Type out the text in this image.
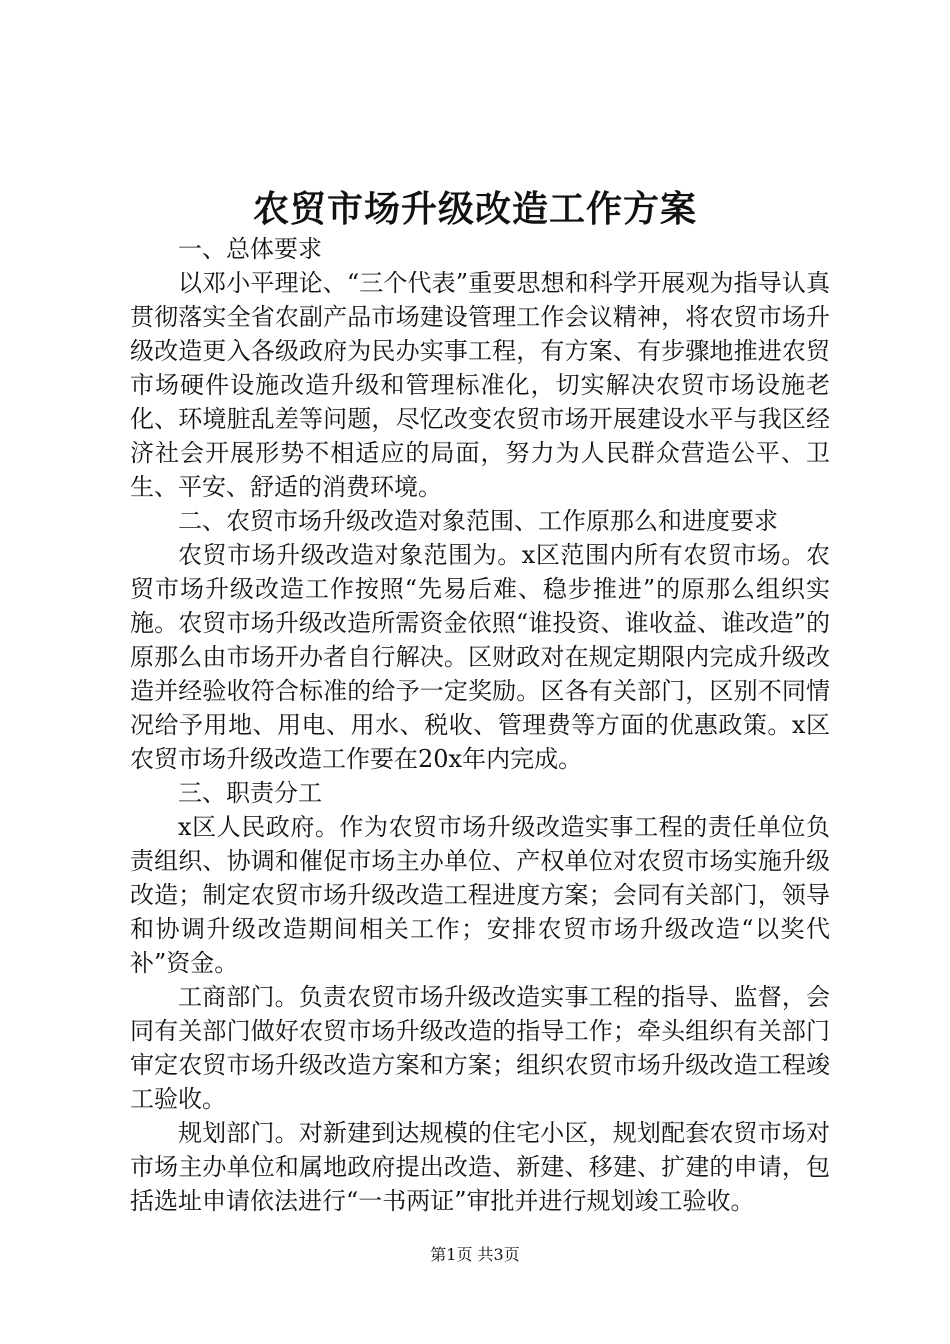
农贸市场升级改造工作方案

一、总体要求

以邓小平理论、“三个代表”重要思想和科学开展观为指导认真贯彻落实全省农副产品市场建设管理工作会议精神，将农贸市场升级改造更入各级政府为民办实事工程，有方案、有步骤地推进农贸市场硬件设施改造升级和管理标准化，切实解决农贸市场设施老化、环境脏乱差等问题，尽忆改变农贸市场开展建设水平与我区经济社会开展形势不相适应的局面，努力为人民群众营造公平、卫生、平安、舒适的消费环境。

二、农贸市场升级改造对象范围、工作原那么和进度要求

农贸市场升级改造对象范围为。x区范围内所有农贸市场。农贸市场升级改造工作按照“先易后难、稳步推进”的原那么组织实施。农贸市场升级改造所需资金依照“谁投资、谁收益、谁改造”的原那么由市场开办者自行解决。区财政对在规定期限内完成升级改造并经验收符合标准的给予一定奖励。区各有关部门，区别不同情况给予用地、用电、用水、税收、管理费等方面的优惠政策。x区农贸市场升级改造工作要在20x年内完成。

三、职责分工

x区人民政府。作为农贸市场升级改造实事工程的责任单位负责组织、协调和催促市场主办单位、产权单位对农贸市场实施升级改造；制定农贸市场升级改造工程进度方案；会同有关部门，领导和协调升级改造期间相关工作；安排农贸市场升级改造“以奖代补”资金。

工商部门。负责农贸市场升级改造实事工程的指导、监督，会同有关部门做好农贸市场升级改造的指导工作；牵头组织有关部门审定农贸市场升级改造方案和方案；组织农贸市场升级改造工程竣工验收。

规划部门。对新建到达规模的住宅小区，规划配套农贸市场对市场主办单位和属地政府提出改造、新建、移建、扩建的申请，包括选址申请依法进行“一书两证”审批并进行规划竣工验收。

第1页 共3页
